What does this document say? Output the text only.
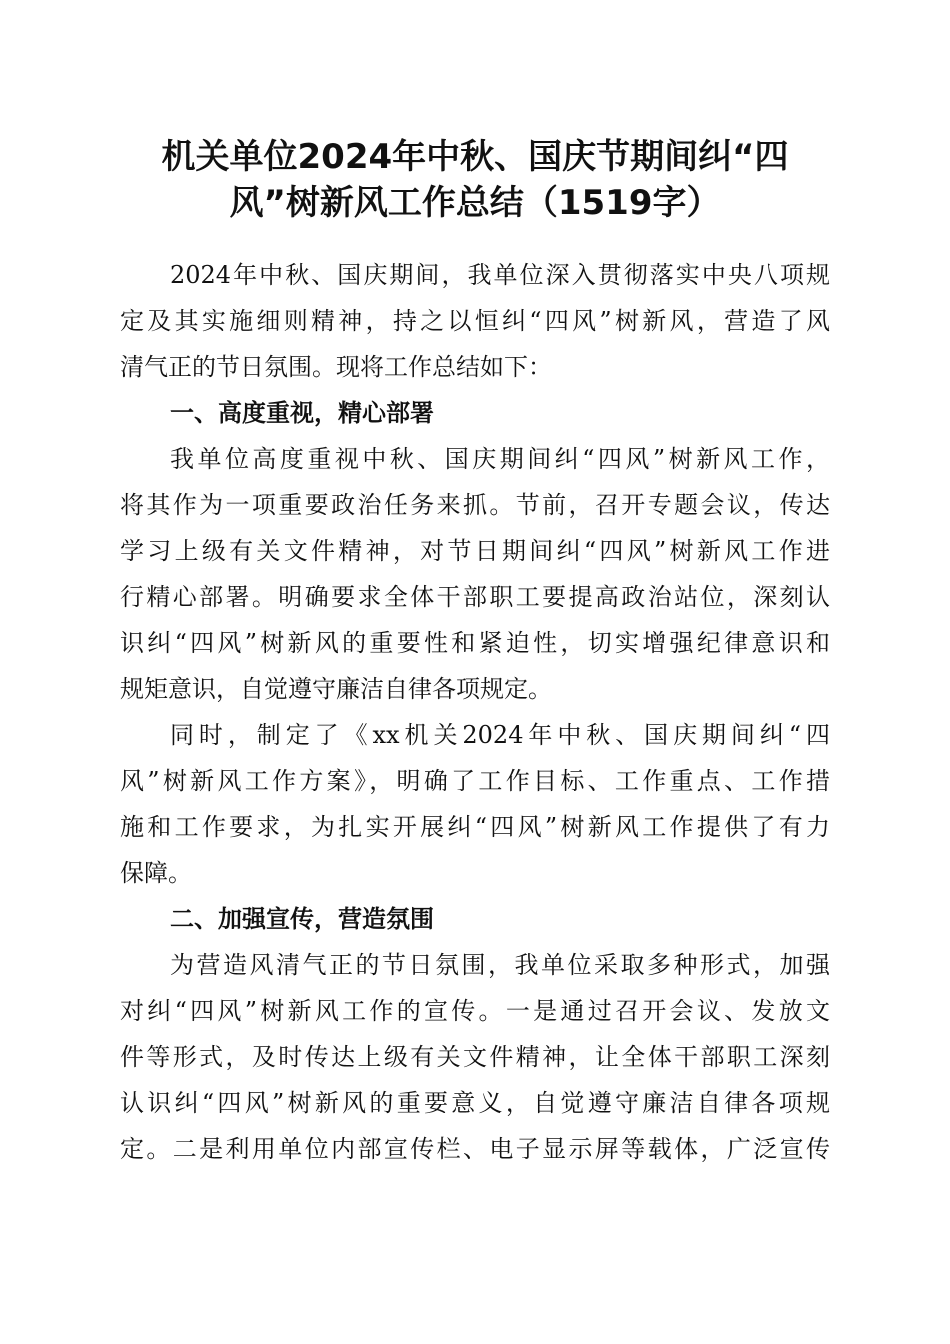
机关单位2024年中秋、国庆节期间纠“四
风”树新风工作总结（1519字）
2024年中秋、国庆期间，我单位深入贯彻落实中央八项规
定及其实施细则精神，持之以恒纠“四风”树新风，营造了风
清气正的节日氛围。现将工作总结如下：
一、高度重视，精心部署
我单位高度重视中秋、国庆期间纠“四风”树新风工作，
将其作为一项重要政治任务来抓。节前，召开专题会议，传达
学习上级有关文件精神，对节日期间纠“四风”树新风工作进
行精心部署。明确要求全体干部职工要提高政治站位，深刻认
识纠“四风”树新风的重要性和紧迫性，切实增强纪律意识和
规矩意识，自觉遵守廉洁自律各项规定。
同时，制定了《xx机关2024年中秋、国庆期间纠“四
风”树新风工作方案》，明确了工作目标、工作重点、工作措
施和工作要求，为扎实开展纠“四风”树新风工作提供了有力
保障。
二、加强宣传，营造氛围
为营造风清气正的节日氛围，我单位采取多种形式，加强
对纠“四风”树新风工作的宣传。一是通过召开会议、发放文
件等形式，及时传达上级有关文件精神，让全体干部职工深刻
认识纠“四风”树新风的重要意义，自觉遵守廉洁自律各项规
定。二是利用单位内部宣传栏、电子显示屏等载体，广泛宣传
